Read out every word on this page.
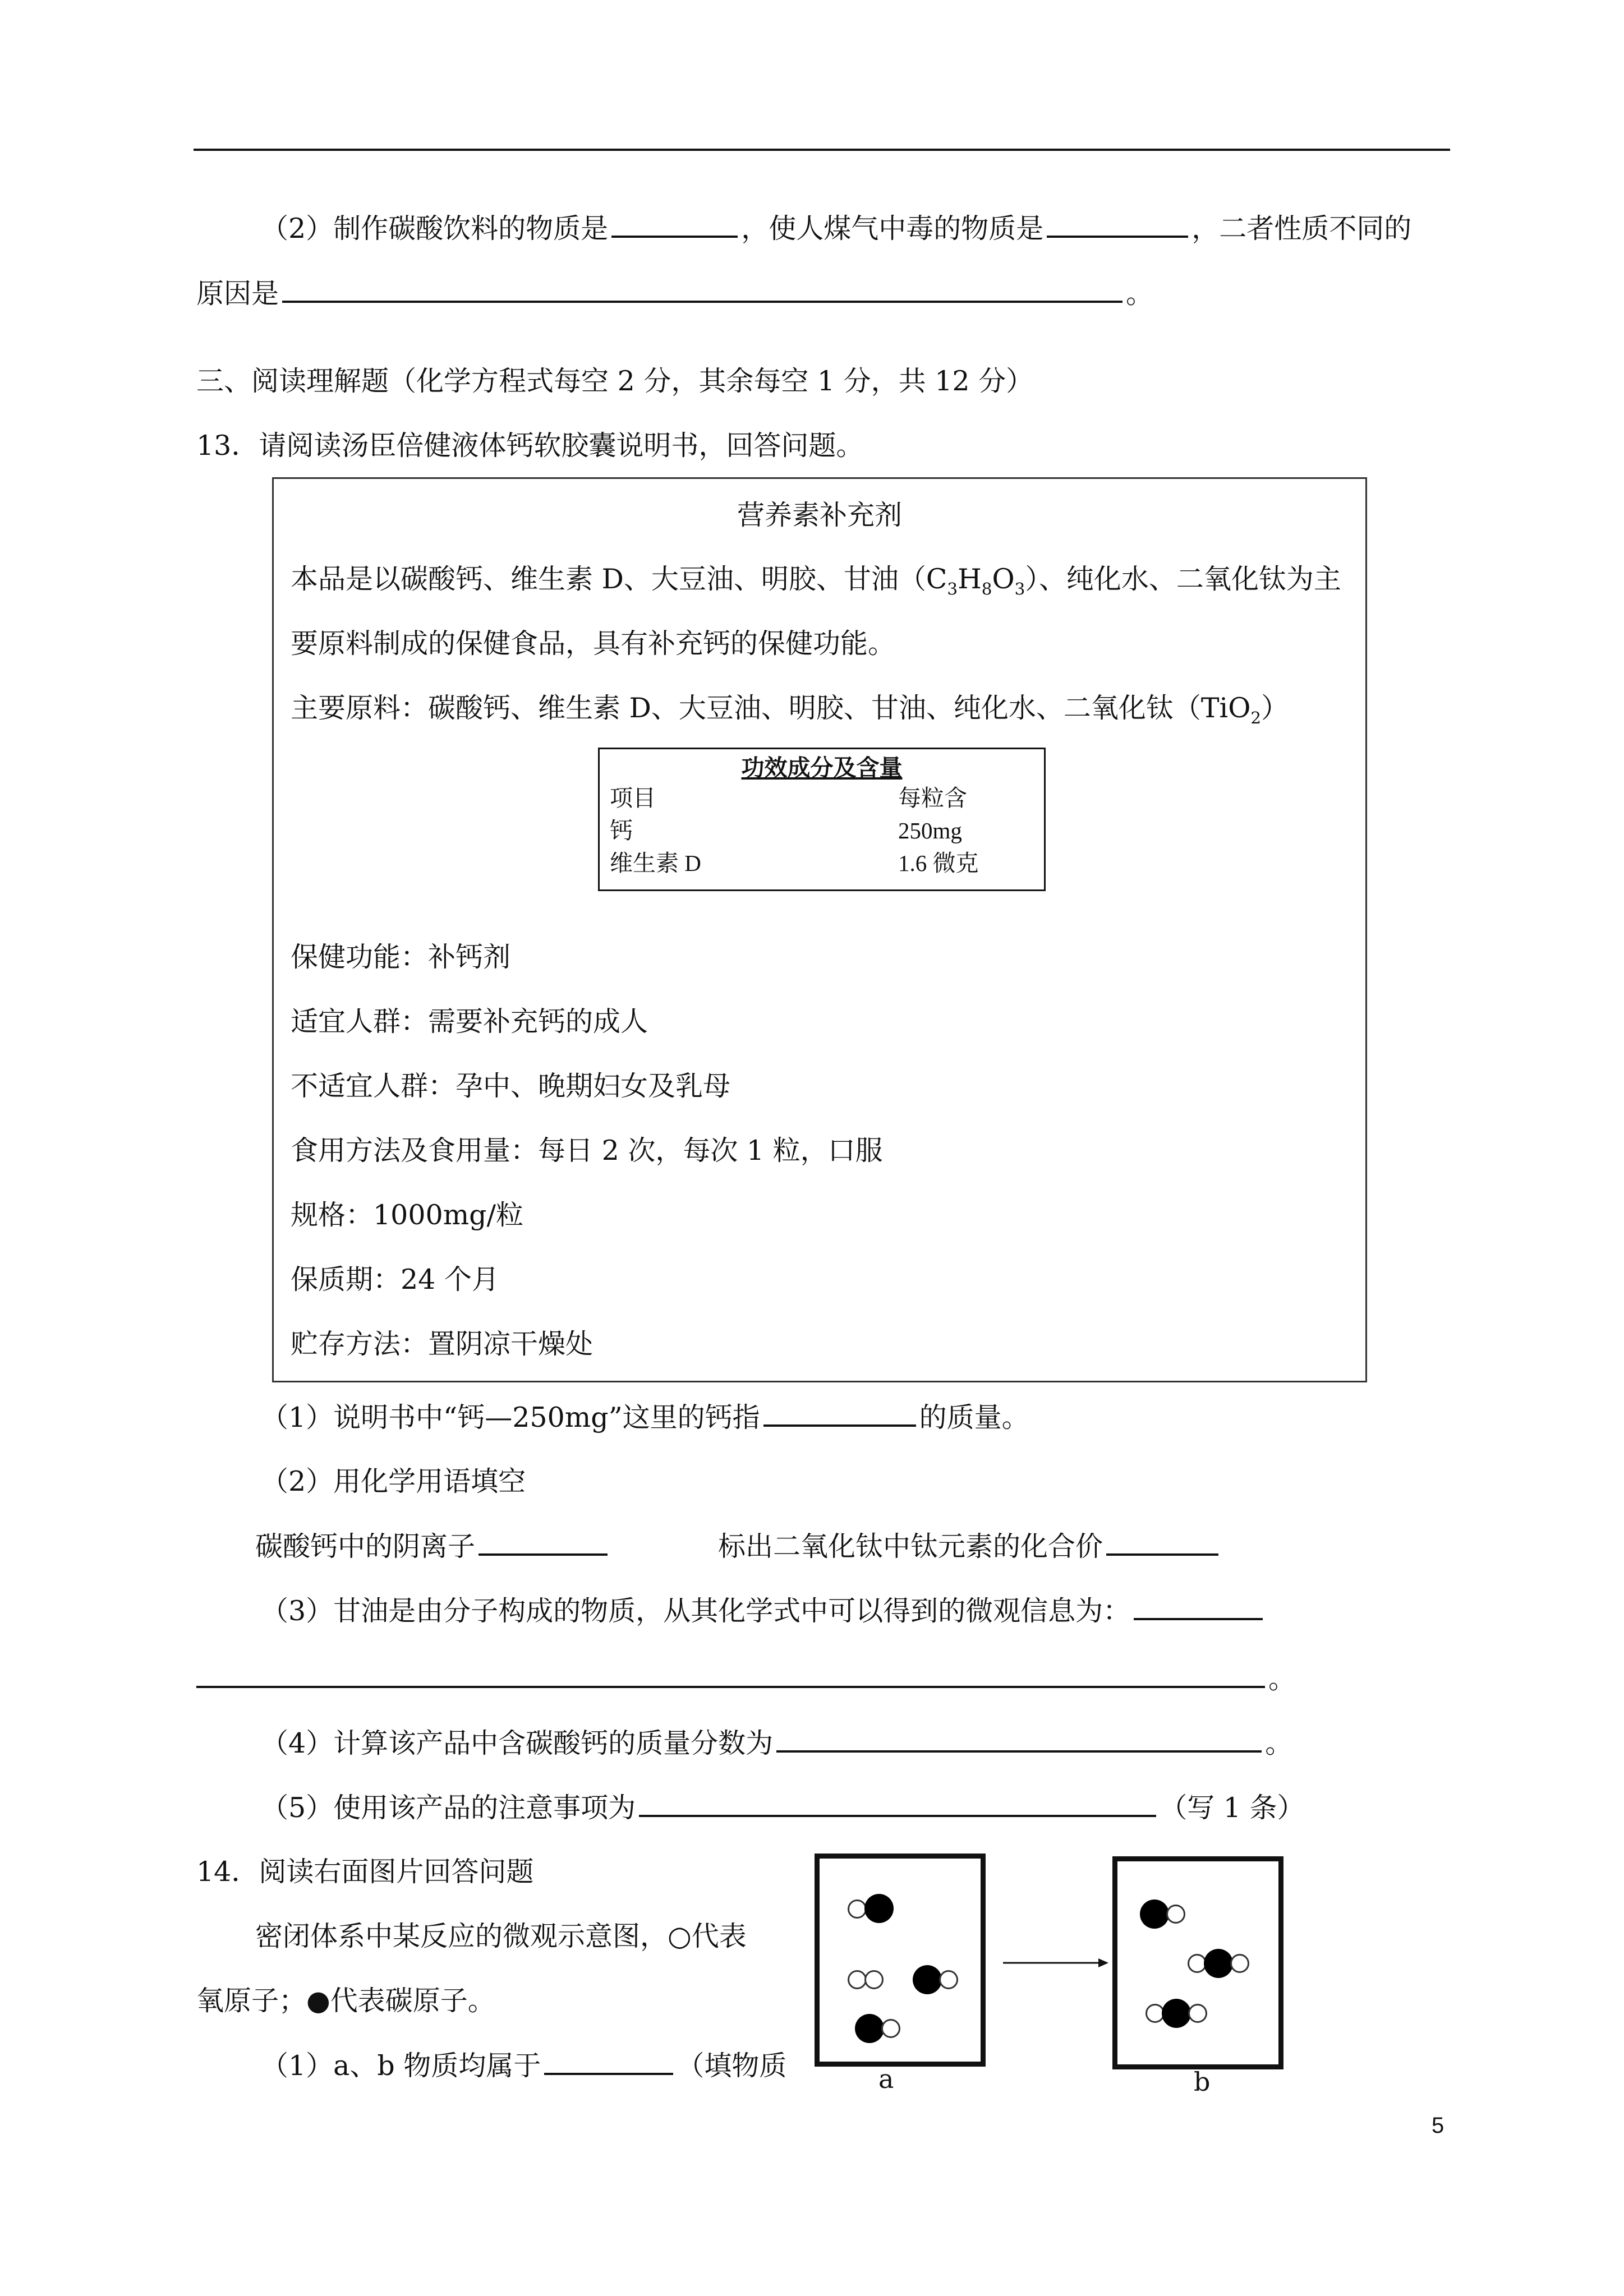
（2）制作碳酸饮料的物质是	，使人煤气中毒的物质是	，二者性质不同的
原因是	。
三、阅读理解题（化学方程式每空 2 分，其余每空 1 分，共 12 分）
13．请阅读汤臣倍健液体钙软胶囊说明书，回答问题。
营养素补充剂
本品是以碳酸钙、维生素 D、大豆油、明胶、甘油$(C_3H_8O_3)$、纯化水、二氧化钛为主
要原料制成的保健食品，具有补充钙的保健功能。
主要原料：碳酸钙、维生素 D、大豆油、明胶、甘油、纯化水、二氧化钛（TiO$_2$）
功效成分及含量
项目	每粒含
钙	250mg
维生素 D	1.6 微克
保健功能：补钙剂
适宜人群：需要补充钙的成人
不适宜人群：孕中、晚期妇女及乳母
食用方法及食用量：每日 2 次，每次 1 粒，口服
规格：1000mg/粒
保质期：24 个月
贮存方法：置阴凉干燥处
（1）说明书中“钙—250mg”这里的钙指	的质量。
（2）用化学用语填空
碳酸钙中的阴离子	标出二氧化钛中钛元素的化合价
（3）甘油是由分子构成的物质，从其化学式中可以得到的微观信息为：
。
（4）计算该产品中含碳酸钙的质量分数为	。
（5）使用该产品的注意事项为	（写 1 条）
14．阅读右面图片回答问题
密闭体系中某反应的微观示意图，○代表
氧原子；●代表碳原子。
（1）a、b 物质均属于	（填物质	a	b
5
